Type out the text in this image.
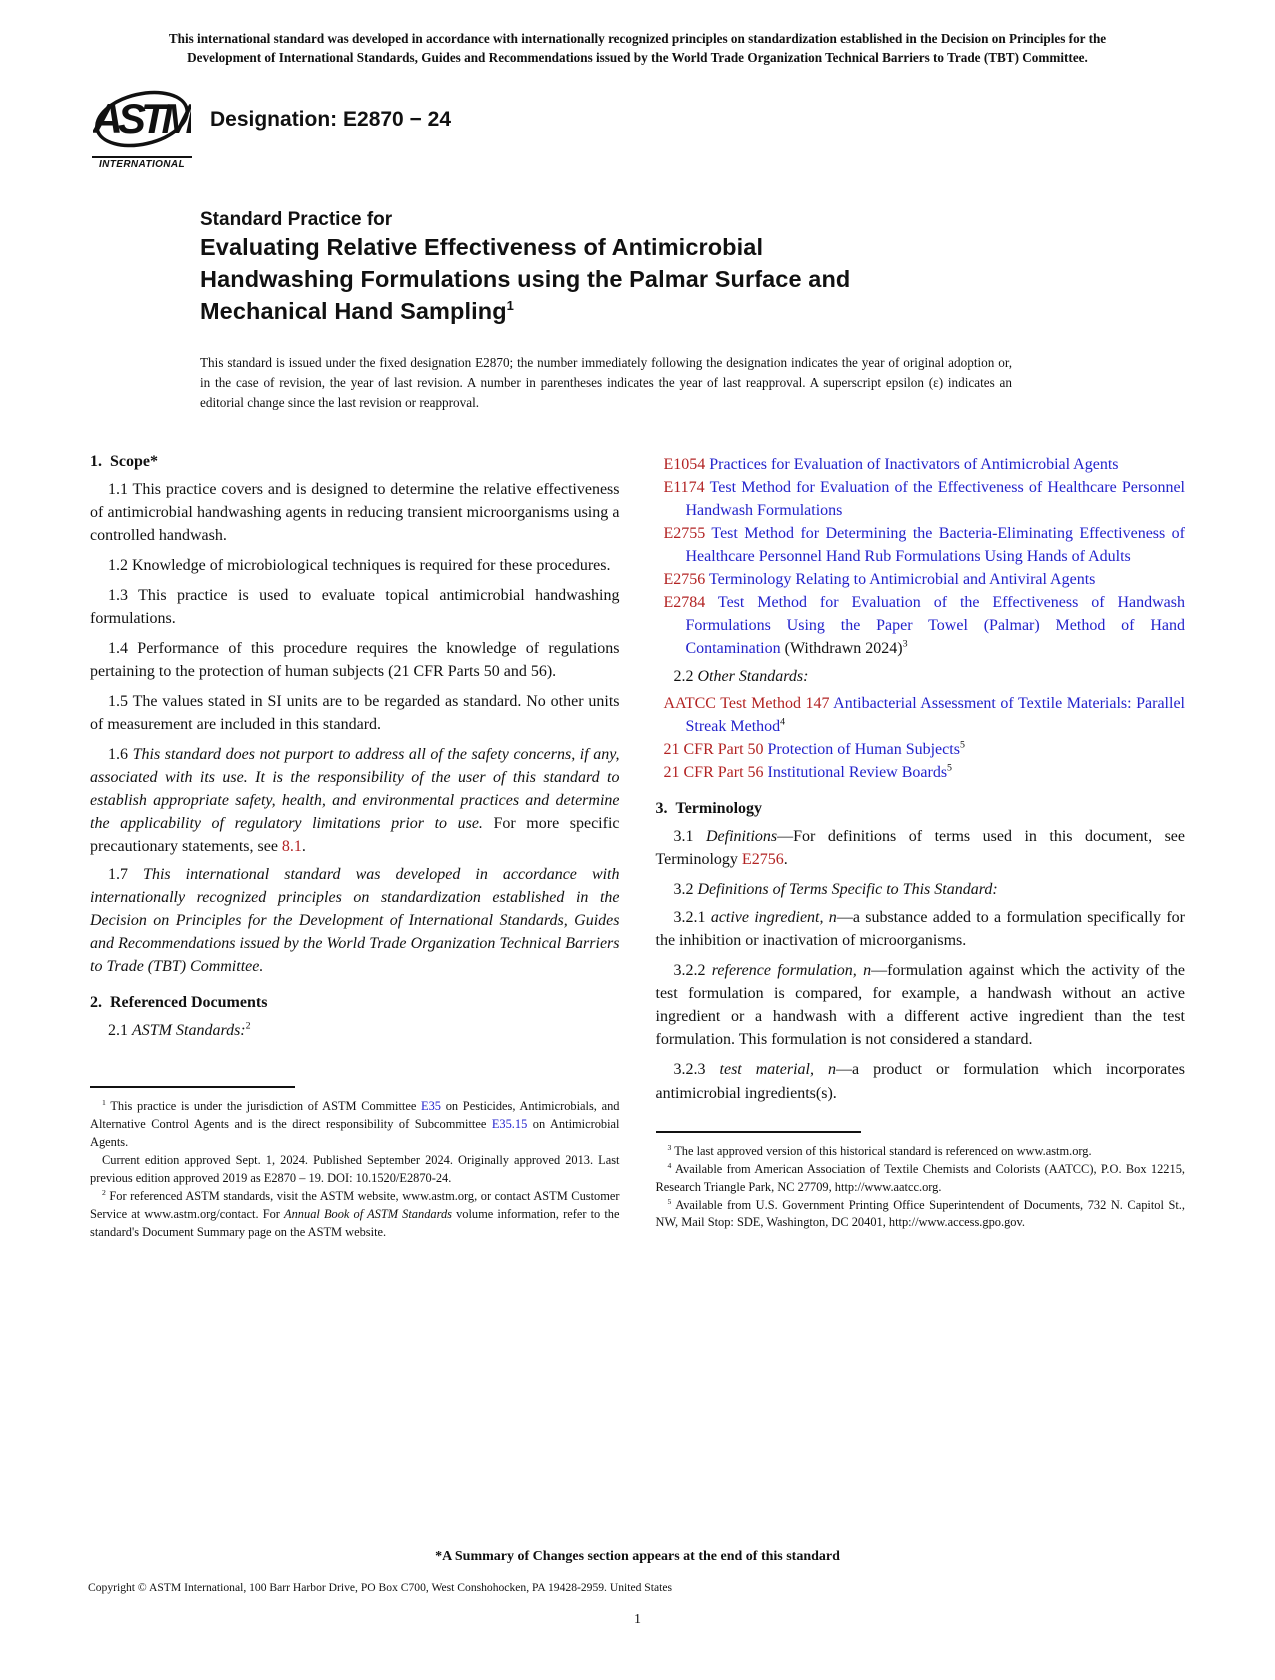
This international standard was developed in accordance with internationally recognized principles on standardization established in the Decision on Principles for the
Development of International Standards, Guides and Recommendations issued by the World Trade Organization Technical Barriers to Trade (TBT) Committee.
ASTM
INTERNATIONAL
Designation: E2870 − 24
Standard Practice for
Evaluating Relative Effectiveness of Antimicrobial
Handwashing Formulations using the Palmar Surface and
Mechanical Hand Sampling$^1$
This standard is issued under the fixed designation E2870; the number immediately following the designation indicates the year of original adoption or, in the case of revision, the year of last revision. A number in parentheses indicates the year of last reapproval. A superscript epsilon (ε) indicates an editorial change since the last revision or reapproval.
1. Scope*

1.1 This practice covers and is designed to determine the relative effectiveness of antimicrobial handwashing agents in reducing transient microorganisms using a controlled handwash.

1.2 Knowledge of microbiological techniques is required for these procedures.

1.3 This practice is used to evaluate topical antimicrobial handwashing formulations.

1.4 Performance of this procedure requires the knowledge of regulations pertaining to the protection of human subjects (21 CFR Parts 50 and 56).

1.5 The values stated in SI units are to be regarded as standard. No other units of measurement are included in this standard.

1.6 This standard does not purport to address all of the safety concerns, if any, associated with its use. It is the responsibility of the user of this standard to establish appropriate safety, health, and environmental practices and determine the applicability of regulatory limitations prior to use. For more specific precautionary statements, see 8.1.

1.7 This international standard was developed in accordance with internationally recognized principles on standardization established in the Decision on Principles for the Development of International Standards, Guides and Recommendations issued by the World Trade Organization Technical Barriers to Trade (TBT) Committee.

2. Referenced Documents

2.1 ASTM Standards:$^2$

$^1$ This practice is under the jurisdiction of ASTM Committee E35 on Pesticides, Antimicrobials, and Alternative Control Agents and is the direct responsibility of Subcommittee E35.15 on Antimicrobial Agents.

Current edition approved Sept. 1, 2024. Published September 2024. Originally approved 2013. Last previous edition approved 2019 as E2870 – 19. DOI: 10.1520/E2870-24.

$^2$ For referenced ASTM standards, visit the ASTM website, www.astm.org, or contact ASTM Customer Service at www.astm.org/contact. For Annual Book of ASTM Standards volume information, refer to the standard's Document Summary page on the ASTM website.

E1054 Practices for Evaluation of Inactivators of Antimicrobial Agents
E1174 Test Method for Evaluation of the Effectiveness of Healthcare Personnel Handwash Formulations
E2755 Test Method for Determining the Bacteria-Eliminating Effectiveness of Healthcare Personnel Hand Rub Formulations Using Hands of Adults
E2756 Terminology Relating to Antimicrobial and Antiviral Agents
E2784 Test Method for Evaluation of the Effectiveness of Handwash Formulations Using the Paper Towel (Palmar) Method of Hand Contamination (Withdrawn 2024)$^3$

2.2 Other Standards:

AATCC Test Method 147 Antibacterial Assessment of Textile Materials: Parallel Streak Method$^4$
21 CFR Part 50 Protection of Human Subjects$^5$
21 CFR Part 56 Institutional Review Boards$^5$
3. Terminology

3.1 Definitions—For definitions of terms used in this document, see Terminology E2756.

3.2 Definitions of Terms Specific to This Standard:

3.2.1 active ingredient, n—a substance added to a formulation specifically for the inhibition or inactivation of microorganisms.

3.2.2 reference formulation, n—formulation against which the activity of the test formulation is compared, for example, a handwash without an active ingredient or a handwash with a different active ingredient than the test formulation. This formulation is not considered a standard.

3.2.3 test material, n—a product or formulation which incorporates antimicrobial ingredients(s).

$^3$ The last approved version of this historical standard is referenced on www.astm.org.

$^4$ Available from American Association of Textile Chemists and Colorists (AATCC), P.O. Box 12215, Research Triangle Park, NC 27709, http://www.aatcc.org.

$^5$ Available from U.S. Government Printing Office Superintendent of Documents, 732 N. Capitol St., NW, Mail Stop: SDE, Washington, DC 20401, http://www.access.gpo.gov.

*A Summary of Changes section appears at the end of this standard
Copyright © ASTM International, 100 Barr Harbor Drive, PO Box C700, West Conshohocken, PA 19428-2959. United States
1
